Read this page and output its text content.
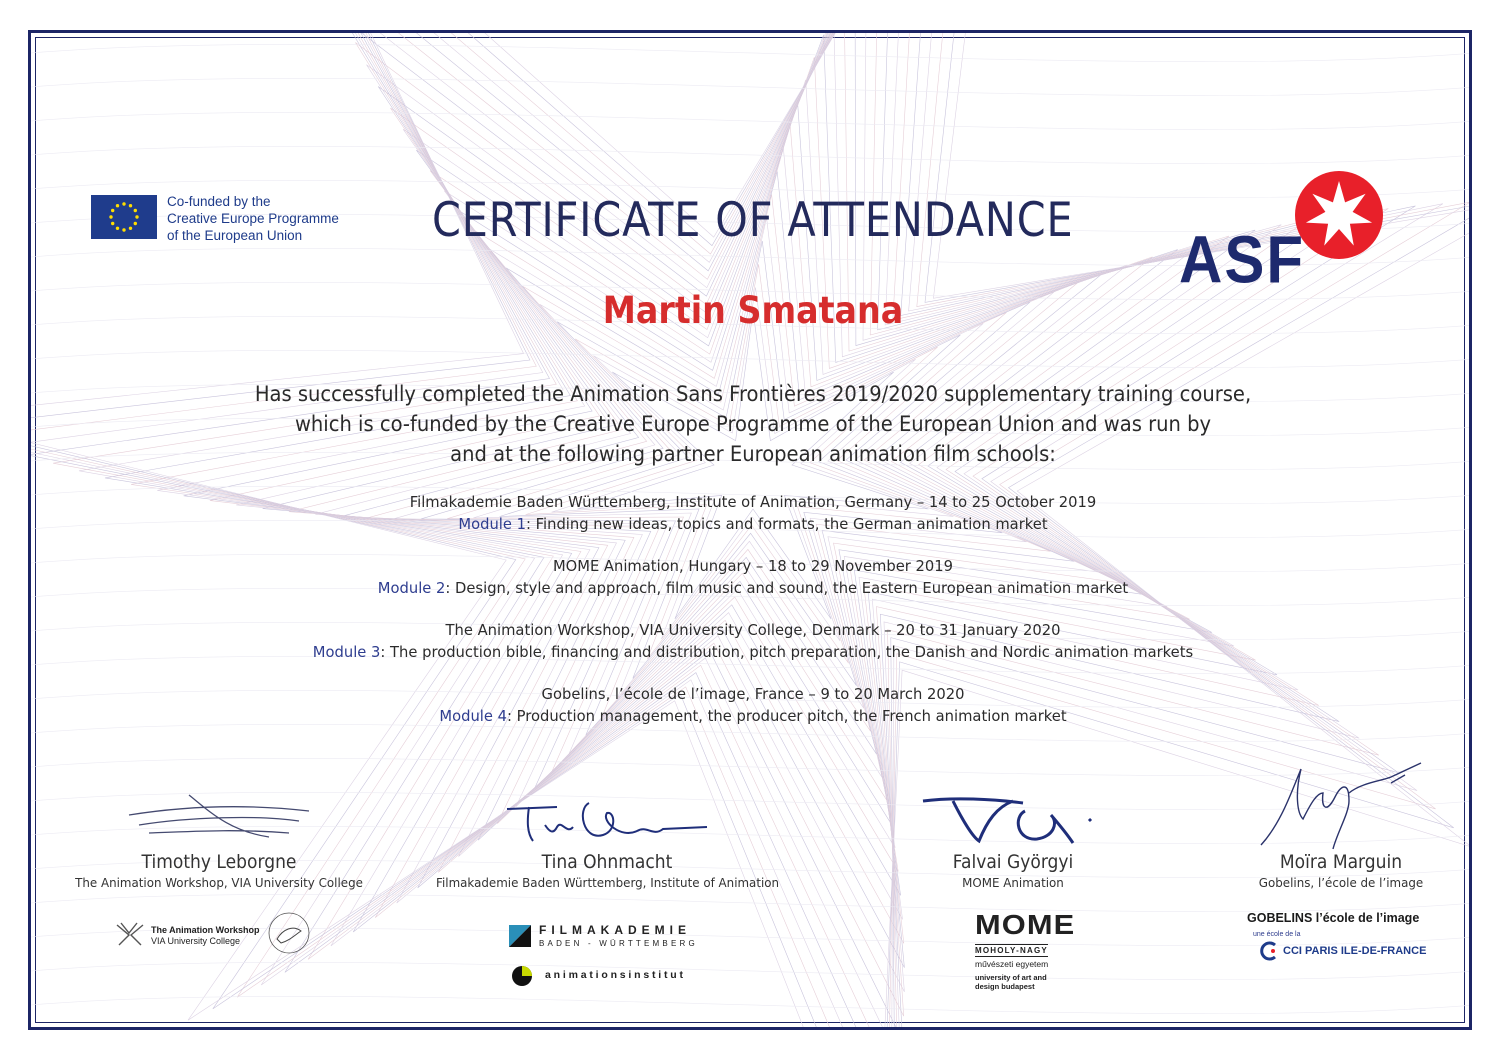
Co-funded by the
Creative Europe Programme
of the European Union	CERTIFICATE OF ATTENDANCE
ASF
Martin Smatana
Has successfully completed the Animation Sans Frontières 2019/2020 supplementary training course,
which is co-funded by the Creative Europe Programme of the European Union and was run by
and at the following partner European animation film schools:
Filmakademie Baden Württemberg, Institute of Animation, Germany – 14 to 25 October 2019
Module 1: Finding new ideas, topics and formats, the German animation market
MOME Animation, Hungary – 18 to 29 November 2019
Module 2: Design, style and approach, film music and sound, the Eastern European animation market
The Animation Workshop, VIA University College, Denmark – 20 to 31 January 2020
Module 3: The production bible, financing and distribution, pitch preparation, the Danish and Nordic animation markets
Gobelins, l’école de l’image, France – 9 to 20 March 2020
Module 4: Production management, the producer pitch, the French animation market
Timothy Leborgne
The Animation Workshop, VIA University College
Tina Ohnmacht
Filmakademie Baden Württemberg, Institute of Animation
Falvai Györgyi
MOME Animation
Moïra Marguin
Gobelins, l’école de l’image
The Animation Workshop
VIA University College
FILMAKADEMIE
BADEN - WÜRTTEMBERG
animationsinstitut
MOME
MOHOLY-NAGY
művészeti egyetem
university of art and
design budapest
GOBELINS l’école de l’image
une école de la
CCI PARIS ILE-DE-FRANCE
